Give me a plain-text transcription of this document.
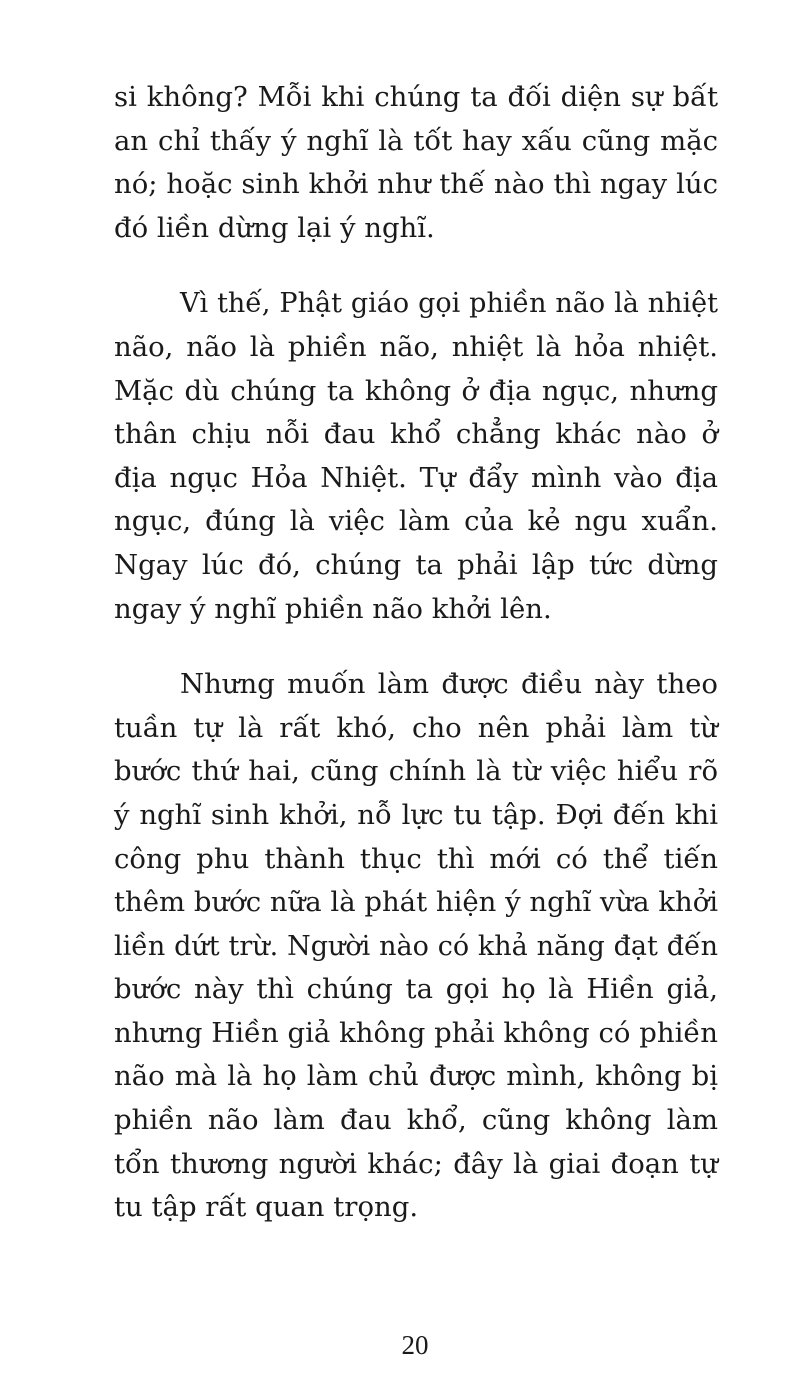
si không? Mỗi khi chúng ta đối diện sự bất
an chỉ thấy ý nghĩ là tốt hay xấu cũng mặc
nó; hoặc sinh khởi như thế nào thì ngay lúc
đó liền dừng lại ý nghĩ.
Vì thế, Phật giáo gọi phiền não là nhiệt
não, não là phiền não, nhiệt là hỏa nhiệt.
Mặc dù chúng ta không ở địa ngục, nhưng
thân chịu nỗi đau khổ chẳng khác nào ở
địa ngục Hỏa Nhiệt. Tự đẩy mình vào địa
ngục, đúng là việc làm của kẻ ngu xuẩn.
Ngay lúc đó, chúng ta phải lập tức dừng
ngay ý nghĩ phiền não khởi lên.
Nhưng muốn làm được điều này theo
tuần tự là rất khó, cho nên phải làm từ
bước thứ hai, cũng chính là từ việc hiểu rõ
ý nghĩ sinh khởi, nỗ lực tu tập. Đợi đến khi
công phu thành thục thì mới có thể tiến
thêm bước nữa là phát hiện ý nghĩ vừa khởi
liền dứt trừ. Người nào có khả năng đạt đến
bước này thì chúng ta gọi họ là Hiền giả,
nhưng Hiền giả không phải không có phiền
não mà là họ làm chủ được mình, không bị
phiền não làm đau khổ, cũng không làm
tổn thương người khác; đây là giai đoạn tự
tu tập rất quan trọng.
20
